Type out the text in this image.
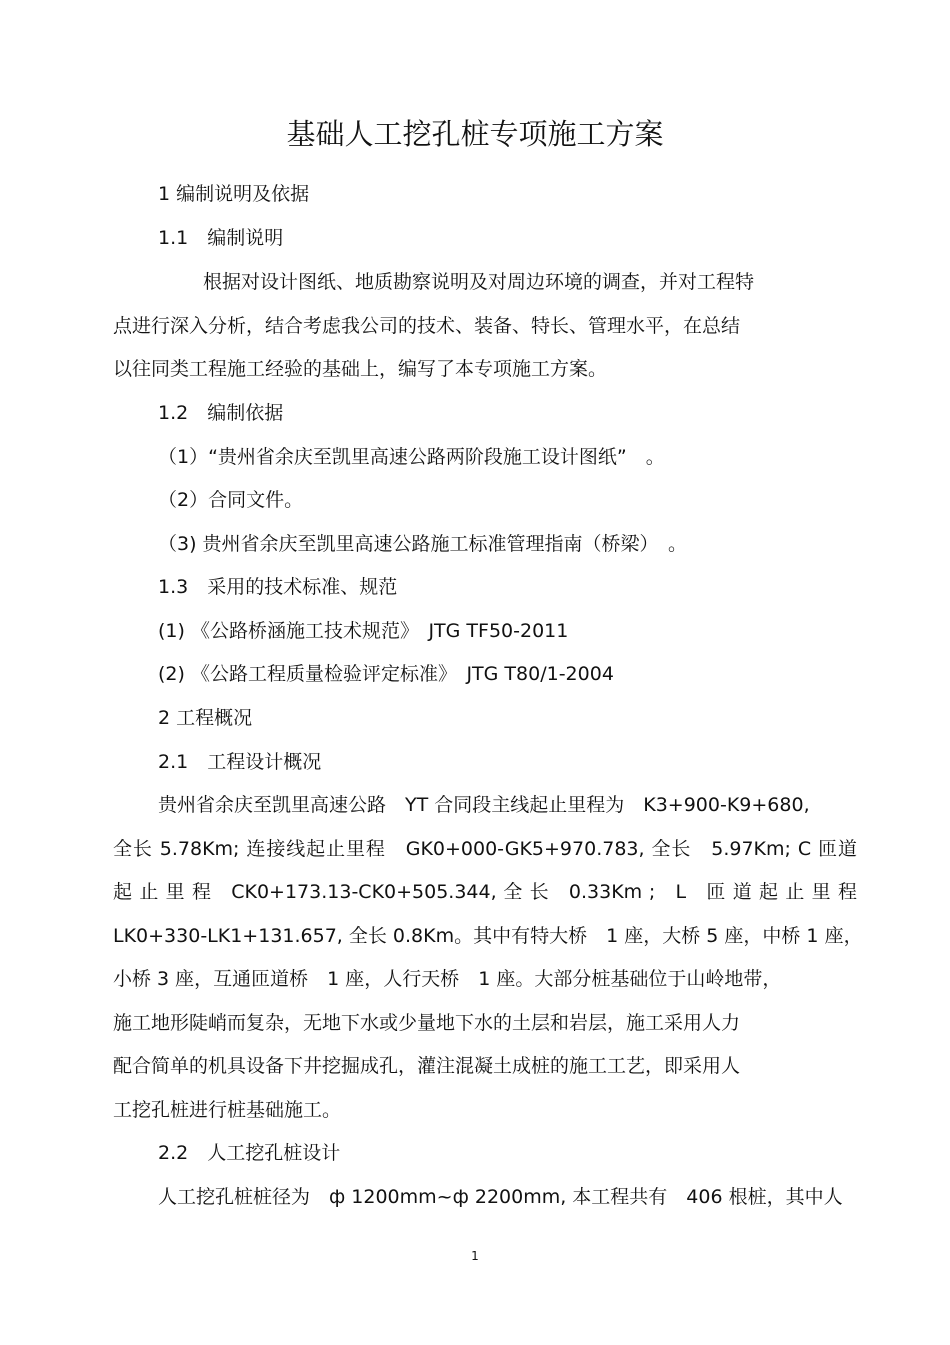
基础人工挖孔桩专项施工方案
1 编制说明及依据
1.1　编制说明
根据对设计图纸、地质勘察说明及对周边环境的调查，并对工程特
点进行深入分析，结合考虑我公司的技术、装备、特长、管理水平，在总结
以往同类工程施工经验的基础上，编写了本专项施工方案。
1.2　编制依据
（1）“贵州省余庆至凯里高速公路两阶段施工设计图纸”　。
（2）合同文件。
（3) 贵州省余庆至凯里高速公路施工标准管理指南（桥梁）　。
1.3　采用的技术标准、规范
(1) 《公路桥涵施工技术规范》　JTG TF50-2011
(2) 《公路工程质量检验评定标准》　JTG T80/1-2004
2 工程概况
2.1　工程设计概况
贵州省余庆至凯里高速公路　YT 合同段主线起止里程为　K3+900-K9+680,
全长 5.78Km; 连接线起止里程　GK0+000-GK5+970.783, 全长　5.97Km; C 匝道
起 止 里 程　CK0+173.13-CK0+505.344, 全 长　0.33Km ;　L　匝 道 起 止 里 程
LK0+330-LK1+131.657, 全长 0.8Km。其中有特大桥　1 座，大桥 5 座，中桥 1 座，
小桥 3 座，互通匝道桥　1 座，人行天桥　1 座。大部分桩基础位于山岭地带，
施工地形陡峭而复杂，无地下水或少量地下水的土层和岩层，施工采用人力
配合简单的机具设备下井挖掘成孔，灌注混凝土成桩的施工工艺，即采用人
工挖孔桩进行桩基础施工。
2.2　人工挖孔桩设计
人工挖孔桩桩径为　ф 1200mm~ф 2200mm, 本工程共有　406 根桩，其中人
1
